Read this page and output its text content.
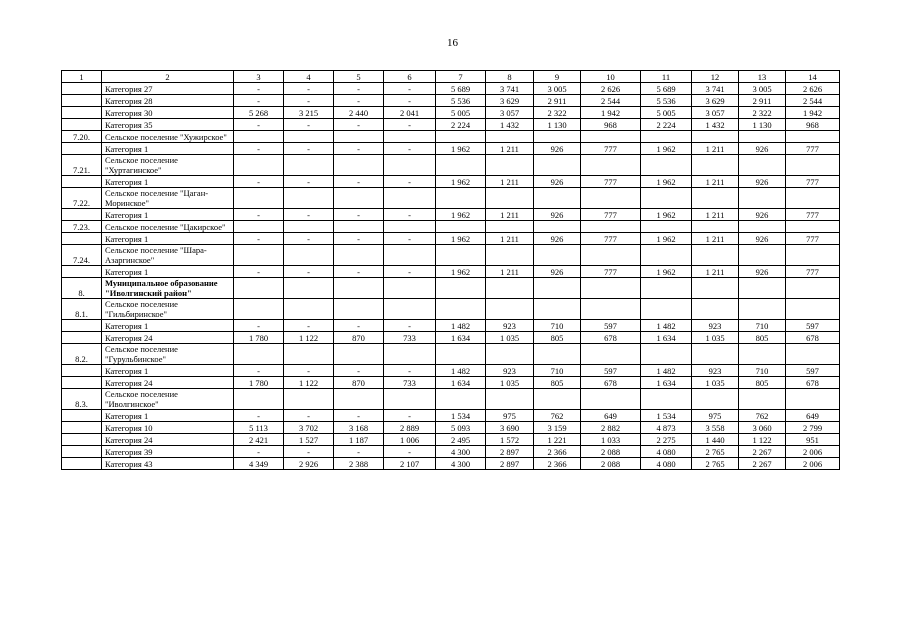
16
1	2	3	4	5	6	7	8	9	10	11	12	13	14
	Категория 27	-	-	-	-	5 689	3 741	3 005	2 626	5 689	3 741	3 005	2 626
	Категория 28	-	-	-	-	5 536	3 629	2 911	2 544	5 536	3 629	2 911	2 544
	Категория 30	5 268	3 215	2 440	2 041	5 005	3 057	2 322	1 942	5 005	3 057	2 322	1 942
	Категория 35	-	-	-	-	2 224	1 432	1 130	968	2 224	1 432	1 130	968
7.20.	Сельское поселение "Хужирское"												
	Категория 1	-	-	-	-	1 962	1 211	926	777	1 962	1 211	926	777
7.21.	Сельское поселение "Хуртагинское"												
	Категория 1	-	-	-	-	1 962	1 211	926	777	1 962	1 211	926	777
7.22.	Сельское поселение "Цаган-Моринское"												
	Категория 1	-	-	-	-	1 962	1 211	926	777	1 962	1 211	926	777
7.23.	Сельское поселение "Цакирское"												
	Категория 1	-	-	-	-	1 962	1 211	926	777	1 962	1 211	926	777
7.24.	Сельское поселение "Шара-Азаргинское"												
	Категория 1	-	-	-	-	1 962	1 211	926	777	1 962	1 211	926	777
8.	Муниципальное образование "Иволгинский район"												
8.1.	Сельское поселение "Гильбиринское"												
	Категория 1	-	-	-	-	1 482	923	710	597	1 482	923	710	597
	Категория 24	1 780	1 122	870	733	1 634	1 035	805	678	1 634	1 035	805	678
8.2.	Сельское поселение "Гурульбинское"												
	Категория 1	-	-	-	-	1 482	923	710	597	1 482	923	710	597
	Категория 24	1 780	1 122	870	733	1 634	1 035	805	678	1 634	1 035	805	678
8.3.	Сельское поселение "Иволгинское"												
	Категория 1	-	-	-	-	1 534	975	762	649	1 534	975	762	649
	Категория 10	5 113	3 702	3 168	2 889	5 093	3 690	3 159	2 882	4 873	3 558	3 060	2 799
	Категория 24	2 421	1 527	1 187	1 006	2 495	1 572	1 221	1 033	2 275	1 440	1 122	951
	Категория 39	-	-	-	-	4 300	2 897	2 366	2 088	4 080	2 765	2 267	2 006
	Категория 43	4 349	2 926	2 388	2 107	4 300	2 897	2 366	2 088	4 080	2 765	2 267	2 006
